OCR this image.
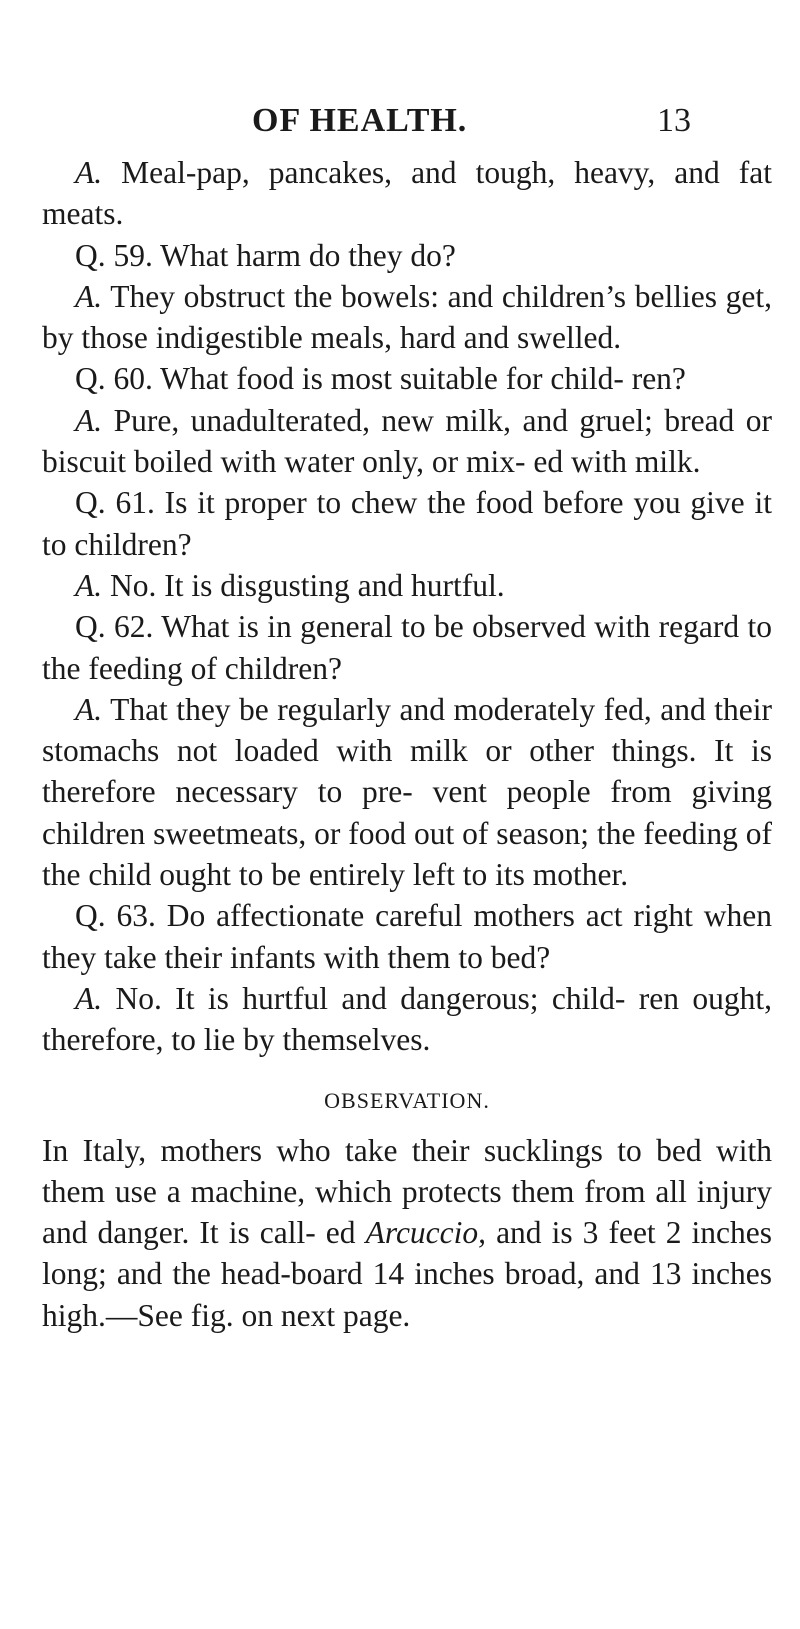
OF HEALTH.	13

A. Meal-pap, pancakes, and tough, heavy, and fat meats.

Q. 59. What harm do they do?

A. They obstruct the bowels: and children’s bellies get, by those indigestible meals, hard and swelled.

Q. 60. What food is most suitable for child- ren?

A. Pure, unadulterated, new milk, and gruel; bread or biscuit boiled with water only, or mix- ed with milk.

Q. 61. Is it proper to chew the food before you give it to children?

A. No. It is disgusting and hurtful.

Q. 62. What is in general to be observed with regard to the feeding of children?

A. That they be regularly and moderately fed, and their stomachs not loaded with milk or other things. It is therefore necessary to pre- vent people from giving children sweetmeats, or food out of season; the feeding of the child ought to be entirely left to its mother.

Q. 63. Do affectionate careful mothers act right when they take their infants with them to bed?

A. No. It is hurtful and dangerous; child- ren ought, therefore, to lie by themselves.

OBSERVATION.

In Italy, mothers who take their sucklings to bed with them use a machine, which protects them from all injury and danger. It is call- ed Arcuccio, and is 3 feet 2 inches long; and the head-board 14 inches broad, and 13 inches high.—See fig. on next page.
